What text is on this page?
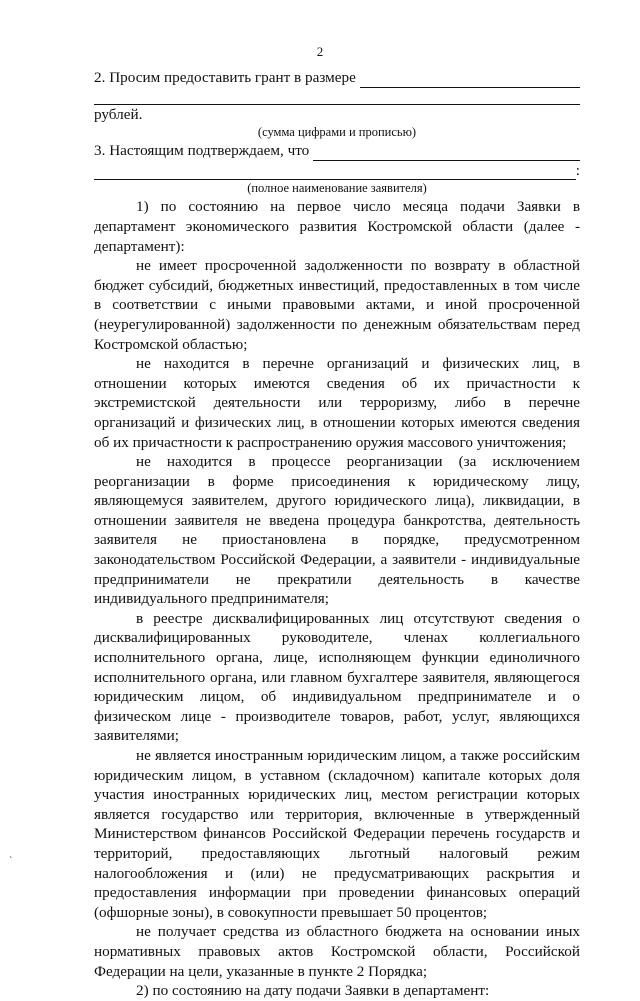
2
2. Просим предоставить грант в размере
рублей.
(сумма цифрами и прописью)
3. Настоящим подтверждаем, что
:
(полное наименование заявителя)

1) по состоянию на первое число месяца подачи Заявки в департамент экономического развития Костромской области (далее - департамент):

не имеет просроченной задолженности по возврату в областной бюджет субсидий, бюджетных инвестиций, предоставленных в том числе в соответствии с иными правовыми актами, и иной просроченной (неурегулированной) задолженности по денежным обязательствам перед Костромской областью;

не находится в перечне организаций и физических лиц, в отношении которых имеются сведения об их причастности к экстремистской деятельности или терроризму, либо в перечне организаций и физических лиц, в отношении которых имеются сведения об их причастности к распространению оружия массового уничтожения;

не находится в процессе реорганизации (за исключением реорганизации в форме присоединения к юридическому лицу, являющемуся заявителем, другого юридического лица), ликвидации, в отношении заявителя не введена процедура банкротства, деятельность заявителя не приостановлена в порядке, предусмотренном законодательством Российской Федерации, а заявители - индивидуальные предприниматели не прекратили деятельность в качестве индивидуального предпринимателя;

в реестре дисквалифицированных лиц отсутствуют сведения о дисквалифицированных руководителе, членах коллегиального исполнительного органа, лице, исполняющем функции единоличного исполнительного органа, или главном бухгалтере заявителя, являющегося юридическим лицом, об индивидуальном предпринимателе и о физическом лице - производителе товаров, работ, услуг, являющихся заявителями;

не является иностранным юридическим лицом, а также российским юридическим лицом, в уставном (складочном) капитале которых доля участия иностранных юридических лиц, местом регистрации которых является государство или территория, включенные в утвержденный Министерством финансов Российской Федерации перечень государств и территорий, предоставляющих льготный налоговый режим налогообложения и (или) не предусматривающих раскрытия и предоставления информации при проведении финансовых операций (офшорные зоны), в совокупности превышает 50 процентов;

не получает средства из областного бюджета на основании иных нормативных правовых актов Костромской области, Российской Федерации на цели, указанные в пункте 2 Порядка;

2) по состоянию на дату подачи Заявки в департамент:

`
